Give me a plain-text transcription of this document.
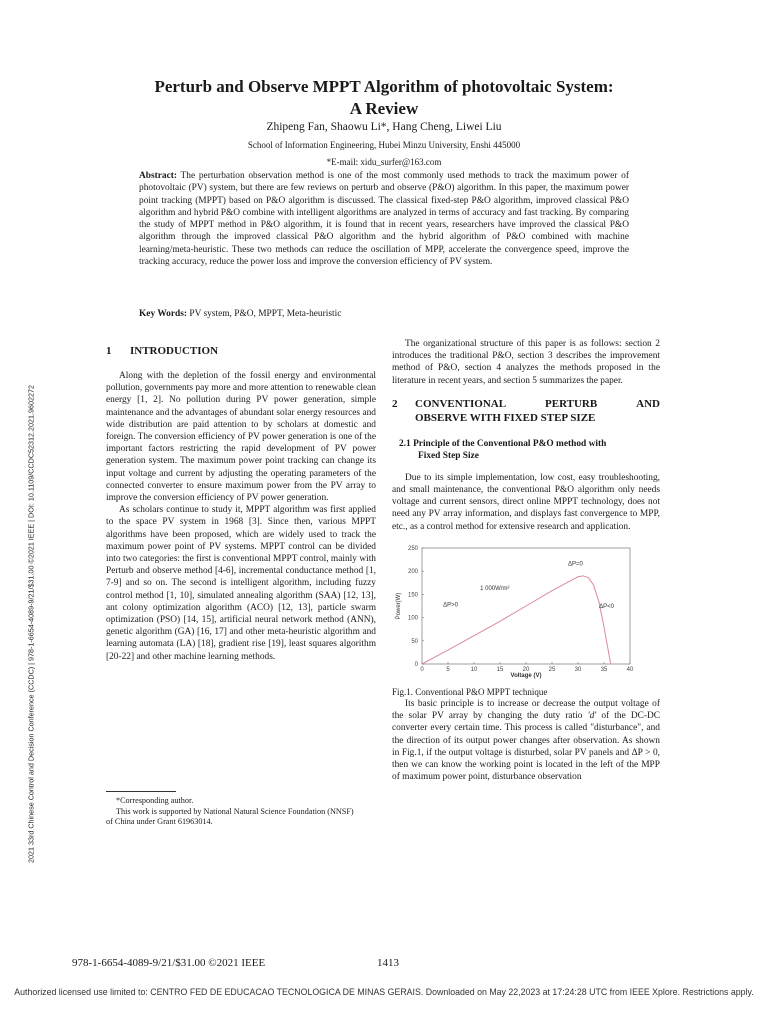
Perturb and Observe MPPT Algorithm of photovoltaic System:
A Review
Zhipeng Fan, Shaowu Li*, Hang Cheng, Liwei Liu
School of Information Engineering, Hubei Minzu University, Enshi 445000
*E-mail: xidu_surfer@163.com

Abstract: The perturbation observation method is one of the most commonly used methods to track the maximum power of photovoltaic (PV) system, but there are few reviews on perturb and observe (P&O) algorithm. In this paper, the maximum power point tracking (MPPT) based on P&O algorithm is discussed. The classical fixed-step P&O algorithm, improved classical P&O algorithm and hybrid P&O combine with intelligent algorithms are analyzed in terms of accuracy and fast tracking. By comparing the study of MPPT method in P&O algorithm, it is found that in recent years, researchers have improved the classical P&O algorithm through the improved classical P&O algorithm and the hybrid algorithm of P&O combined with machine learning/meta-heuristic. These two methods can reduce the oscillation of MPP, accelerate the convergence speed, improve the tracking accuracy, reduce the power loss and improve the conversion efficiency of PV system.

Key Words: PV system, P&O, MPPT, Meta-heuristic

1 INTRODUCTION

Along with the depletion of the fossil energy and environmental pollution, governments pay more and more attention to renewable clean energy [1, 2]. No pollution during PV power generation, simple maintenance and the advantages of abundant solar energy resources and wide distribution are paid attention to by scholars at domestic and foreign. The conversion efficiency of PV power generation is one of the important factors restricting the rapid development of PV power generation system. The maximum power point tracking can change its input voltage and current by adjusting the operating parameters of the connected converter to ensure maximum power from the PV array to improve the conversion efficiency of PV power generation.

As scholars continue to study it, MPPT algorithm was first applied to the space PV system in 1968 [3]. Since then, various MPPT algorithms have been proposed, which are widely used to track the maximum power point of PV systems. MPPT control can be divided into two categories: the first is conventional MPPT control, mainly with Perturb and observe method [4-6], incremental conductance method [1, 7-9] and so on. The second is intelligent algorithm, including fuzzy control method [1, 10], simulated annealing algorithm (SAA) [12, 13], ant colony optimization algorithm (ACO) [12, 13], particle swarm optimization (PSO) [14, 15], artificial neural network method (ANN), genetic algorithm (GA) [16, 17] and other meta-heuristic algorithm and learning automata (LA) [18], gradient rise [19], least squares algorithm [20-22] and other machine learning methods.

*Corresponding author.
This work is supported by National Natural Science Foundation (NNSF)
of China under Grant 61963014.

The organizational structure of this paper is as follows: section 2 introduces the traditional P&O, section 3 describes the improvement method of P&O, section 4 analyzes the methods proposed in the literature in recent years, and section 5 summarizes the paper.

2	CONVENTIONAL	PERTURB	AND
OBSERVE WITH FIXED STEP SIZE
2.1 Principle of the Conventional P&O method with
Fixed Step Size

Due to its simple implementation, low cost, easy troubleshooting, and small maintenance, the conventional P&O algorithm only needs voltage and current sensors, direct online MPPT technology, does not need any PV array information, and displays fast convergence to MPP, etc., as a control method for extensive research and application.

0	5	10	15	20	25	30	35	40
0
50
100
150
200
250
Voltage (V)
Power(W)
ΔP=0
1 000W/m²
ΔP>0	ΔP<0

Fig.1. Conventional P&O MPPT technique

Its basic principle is to increase or decrease the output voltage of the solar PV array by changing the duty ratio 'd' of the DC-DC converter every certain time. This process is called "disturbance", and the direction of its output power changes after observation. As shown in Fig.1, if the output voltage is disturbed, solar PV panels and ΔP > 0, then we can know the working point is located in the left of the MPP of maximum power point, disturbance observation

978-1-6654-4089-9/21/$31.00 ©2021 IEEE	1413
Authorized licensed use limited to: CENTRO FED DE EDUCACAO TECNOLOGICA DE MINAS GERAIS. Downloaded on May 22,2023 at 17:24:28 UTC from IEEE Xplore. Restrictions apply.
2021 33rd Chinese Control and Decision Conference (CCDC) | 978-1-6654-4089-9/21/$31.00 ©2021 IEEE | DOI: 10.1109/CCDC52312.2021.9602272
